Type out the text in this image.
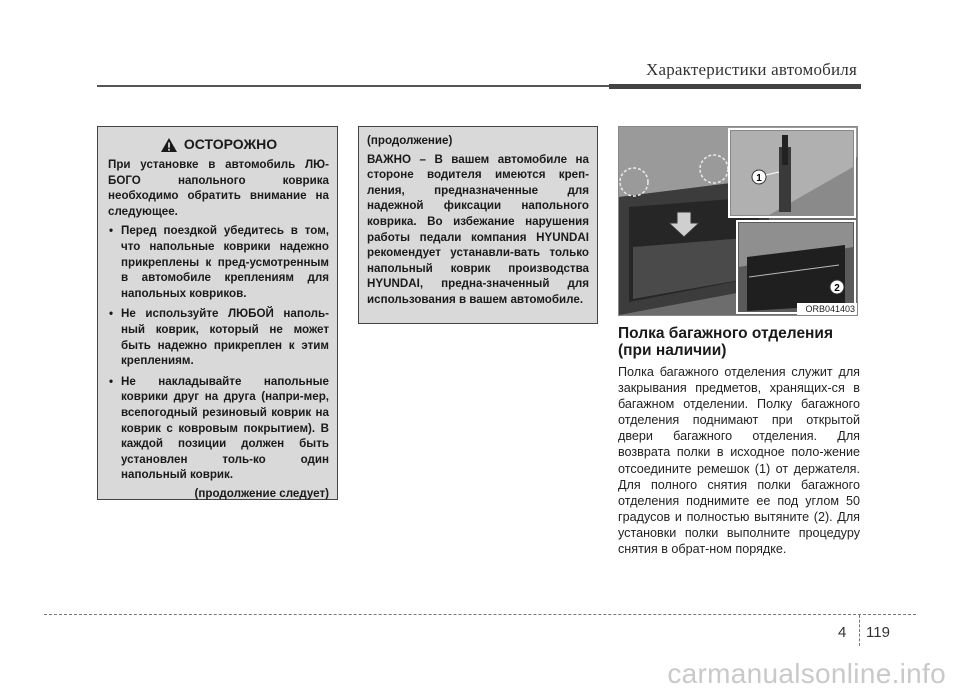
Характеристики автомобиля
ОСТОРОЖНО
При установке в автомобиль ЛЮ-БОГО напольного коврика необходимо обратить внимание на следующее.
• Перед поездкой убедитесь в том, что напольные коврики надежно прикреплены к пред-усмотренным в автомобиле креплениям для напольных ковриков.
• Не используйте ЛЮБОЙ наполь-ный коврик, который не может быть надежно прикреплен к этим креплениям.
• Не накладывайте напольные коврики друг на друга (напри-мер, всепогодный резиновый коврик на коврик с ковровым покрытием). В каждой позиции должен быть установлен толь-ко один напольный коврик.
(продолжение следует)
(продолжение)
ВАЖНО – В вашем автомобиле на стороне водителя имеются креп-ления, предназначенные для надежной фиксации напольного коврика. Во избежание нарушения работы педали компания HYUNDAI рекомендует устанавли-вать только напольный коврик производства HYUNDAI, предна-значенный для использования в вашем автомобиле.
1
2
ORB041403
Полка багажного отделения (при наличии)
Полка багажного отделения служит для закрывания предметов, хранящих-ся в багажном отделении. Полку багажного отделения поднимают при открытой двери багажного отделения. Для возврата полки в исходное поло-жение отсоедините ремешок (1) от держателя. Для полного снятия полки багажного отделения поднимите ее под углом 50 градусов и полностью вытяните (2). Для установки полки выполните процедуру снятия в обрат-ном порядке.
4 119
carmanualsonline.info
